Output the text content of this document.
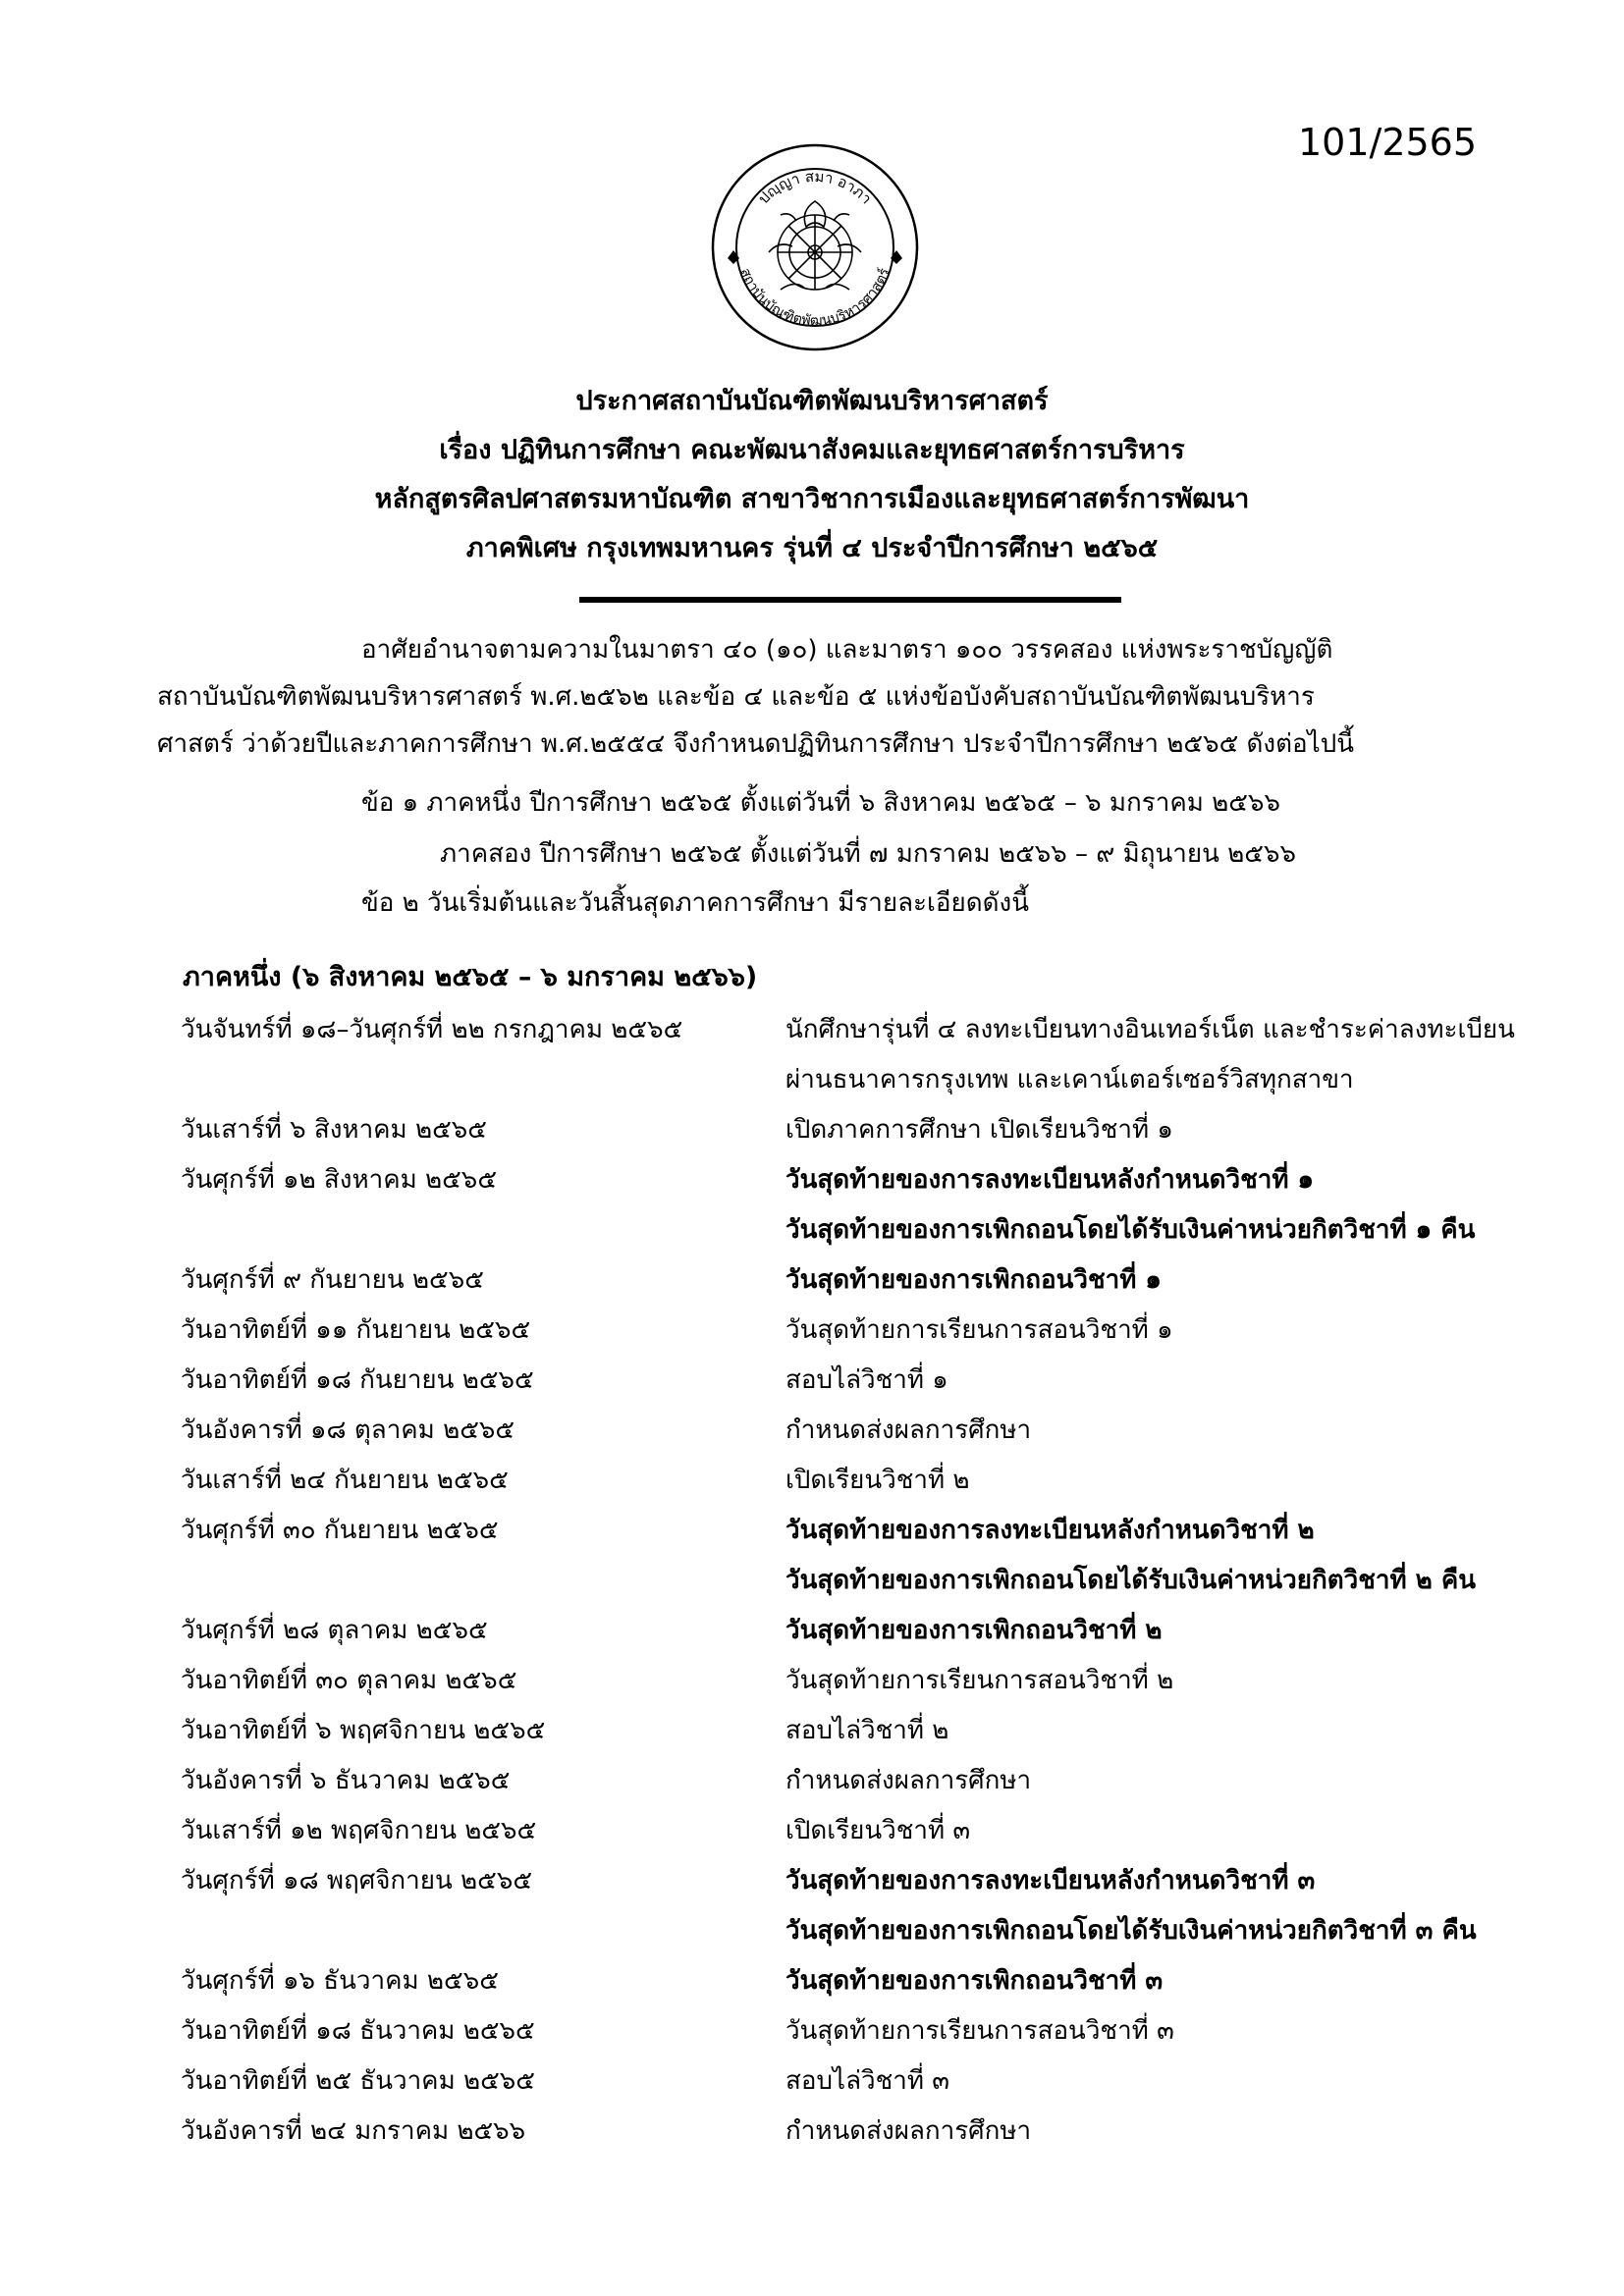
101/2565
ปญฺญา สมา อาภา
สถาบันบัณฑิตพัฒนบริหารศาสตร์
ประกาศสถาบันบัณฑิตพัฒนบริหารศาสตร์
เรื่อง ปฏิทินการศึกษา คณะพัฒนาสังคมและยุทธศาสตร์การบริหาร
หลักสูตรศิลปศาสตรมหาบัณฑิต สาขาวิชาการเมืองและยุทธศาสตร์การพัฒนา
ภาคพิเศษ กรุงเทพมหานคร รุ่นที่ ๔ ประจำปีการศึกษา ๒๕๖๕
อาศัยอำนาจตามความในมาตรา ๔๐ (๑๐) และมาตรา ๑๐๐ วรรคสอง แห่งพระราชบัญญัติ
สถาบันบัณฑิตพัฒนบริหารศาสตร์ พ.ศ.๒๕๖๒ และข้อ ๔ และข้อ ๕ แห่งข้อบังคับสถาบันบัณฑิตพัฒนบริหาร
ศาสตร์ ว่าด้วยปีและภาคการศึกษา พ.ศ.๒๕๕๔ จึงกำหนดปฏิทินการศึกษา ประจำปีการศึกษา ๒๕๖๕ ดังต่อไปนี้
ข้อ ๑ ภาคหนึ่ง ปีการศึกษา ๒๕๖๕ ตั้งแต่วันที่ ๖ สิงหาคม ๒๕๖๕ – ๖ มกราคม ๒๕๖๖
ภาคสอง ปีการศึกษา ๒๕๖๕ ตั้งแต่วันที่ ๗ มกราคม ๒๕๖๖ – ๙ มิถุนายน ๒๕๖๖
ข้อ ๒ วันเริ่มต้นและวันสิ้นสุดภาคการศึกษา มีรายละเอียดดังนี้
ภาคหนึ่ง (๖ สิงหาคม ๒๕๖๕ – ๖ มกราคม ๒๕๖๖)
วันจันทร์ที่ ๑๘–วันศุกร์ที่ ๒๒ กรกฎาคม ๒๕๖๕	นักศึกษารุ่นที่ ๔ ลงทะเบียนทางอินเทอร์เน็ต และชำระค่าลงทะเบียน
ผ่านธนาคารกรุงเทพ และเคาน์เตอร์เซอร์วิสทุกสาขา
วันเสาร์ที่ ๖ สิงหาคม ๒๕๖๕	เปิดภาคการศึกษา เปิดเรียนวิชาที่ ๑
วันศุกร์ที่ ๑๒ สิงหาคม ๒๕๖๕	วันสุดท้ายของการลงทะเบียนหลังกำหนดวิชาที่ ๑
วันสุดท้ายของการเพิกถอนโดยได้รับเงินค่าหน่วยกิตวิชาที่ ๑ คืน
วันศุกร์ที่ ๙ กันยายน ๒๕๖๕	วันสุดท้ายของการเพิกถอนวิชาที่ ๑
วันอาทิตย์ที่ ๑๑ กันยายน ๒๕๖๕	วันสุดท้ายการเรียนการสอนวิชาที่ ๑
วันอาทิตย์ที่ ๑๘ กันยายน ๒๕๖๕	สอบไล่วิชาที่ ๑
วันอังคารที่ ๑๘ ตุลาคม ๒๕๖๕	กำหนดส่งผลการศึกษา
วันเสาร์ที่ ๒๔ กันยายน ๒๕๖๕	เปิดเรียนวิชาที่ ๒
วันศุกร์ที่ ๓๐ กันยายน ๒๕๖๕	วันสุดท้ายของการลงทะเบียนหลังกำหนดวิชาที่ ๒
วันสุดท้ายของการเพิกถอนโดยได้รับเงินค่าหน่วยกิตวิชาที่ ๒ คืน
วันศุกร์ที่ ๒๘ ตุลาคม ๒๕๖๕	วันสุดท้ายของการเพิกถอนวิชาที่ ๒
วันอาทิตย์ที่ ๓๐ ตุลาคม ๒๕๖๕	วันสุดท้ายการเรียนการสอนวิชาที่ ๒
วันอาทิตย์ที่ ๖ พฤศจิกายน ๒๕๖๕	สอบไล่วิชาที่ ๒
วันอังคารที่ ๖ ธันวาคม ๒๕๖๕	กำหนดส่งผลการศึกษา
วันเสาร์ที่ ๑๒ พฤศจิกายน ๒๕๖๕	เปิดเรียนวิชาที่ ๓
วันศุกร์ที่ ๑๘ พฤศจิกายน ๒๕๖๕	วันสุดท้ายของการลงทะเบียนหลังกำหนดวิชาที่ ๓
วันสุดท้ายของการเพิกถอนโดยได้รับเงินค่าหน่วยกิตวิชาที่ ๓ คืน
วันศุกร์ที่ ๑๖ ธันวาคม ๒๕๖๕	วันสุดท้ายของการเพิกถอนวิชาที่ ๓
วันอาทิตย์ที่ ๑๘ ธันวาคม ๒๕๖๕	วันสุดท้ายการเรียนการสอนวิชาที่ ๓
วันอาทิตย์ที่ ๒๕ ธันวาคม ๒๕๖๕	สอบไล่วิชาที่ ๓
วันอังคารที่ ๒๔ มกราคม ๒๕๖๖	กำหนดส่งผลการศึกษา
